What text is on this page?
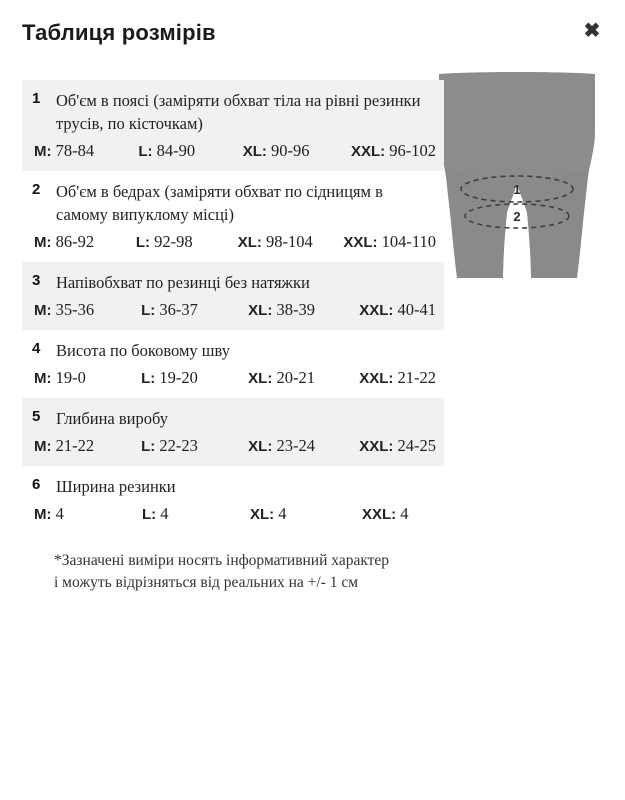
Таблиця розмірів	✖
1
2
1 Об'єм в поясі (заміряти обхват тіла на рівні резинки трусів, по кісточкам)
M: 78-84	L: 84-90	XL: 90-96	XXL: 96-102
2 Об'єм в бедрах (заміряти обхват по сідницям в самому випуклому місці)
M: 86-92	L: 92-98	XL: 98-104	XXL: 104-110
3 Напівобхват по резинці без натяжки
M: 35-36	L: 36-37	XL: 38-39	XXL: 40-41
4 Висота по боковому шву
M: 19-0	L: 19-20	XL: 20-21	XXL: 21-22
5 Глибина виробу
M: 21-22	L: 22-23	XL: 23-24	XXL: 24-25
6 Ширина резинки
M: 4	L: 4	XL: 4	XXL: 4
*Зазначені виміри носять інформативний характер
і можуть відрізняться від реальних на +/- 1 см
